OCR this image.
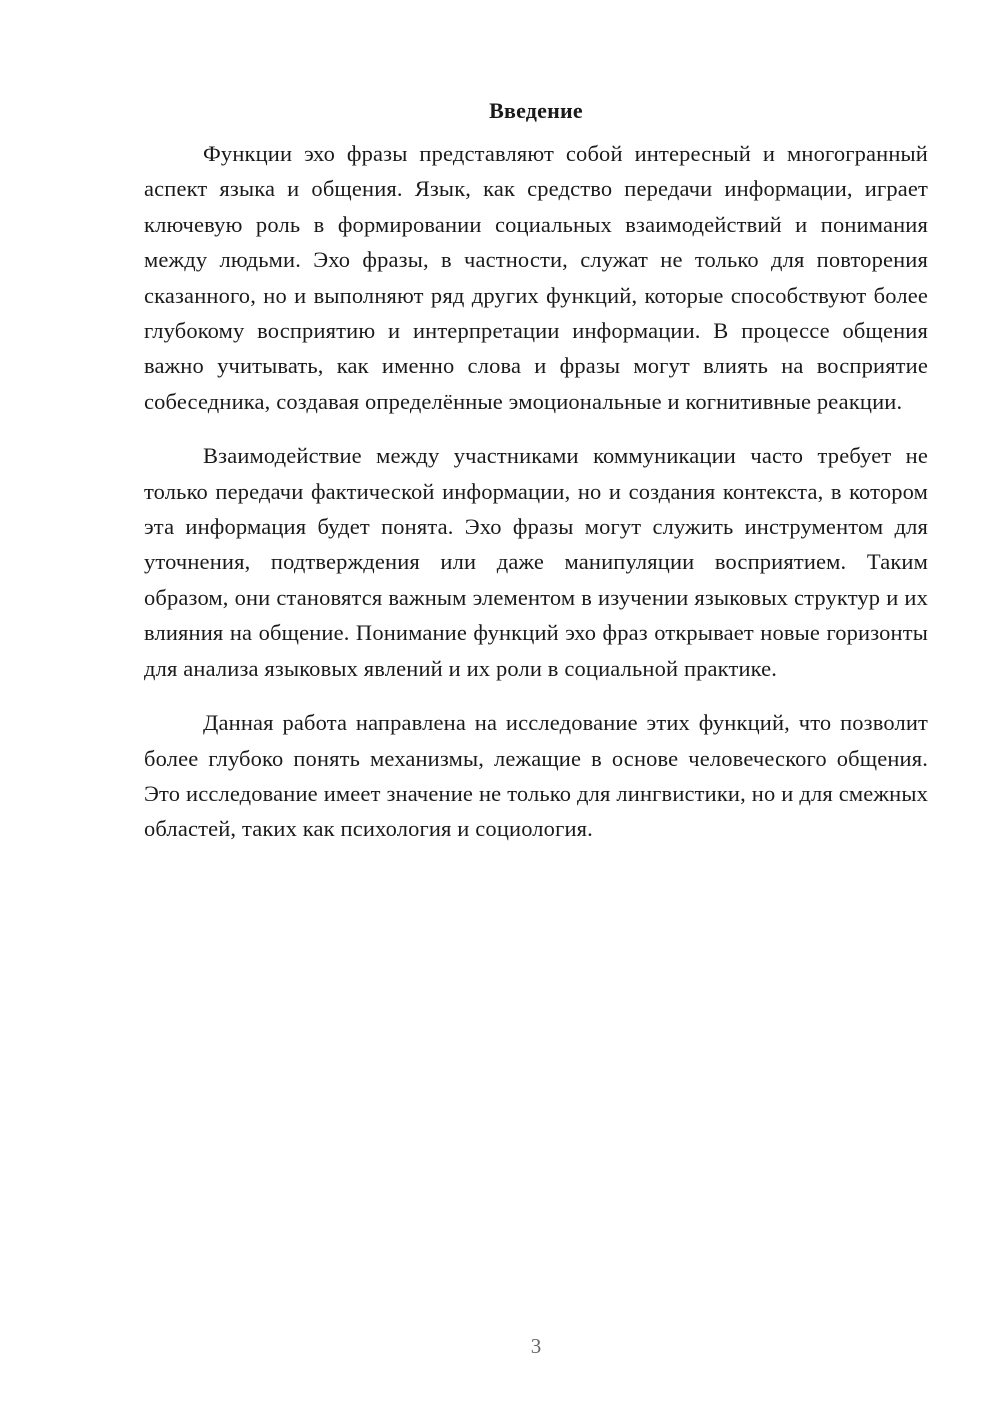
Введение

Функции эхо фразы представляют собой интересный и многогранный аспект языка и общения. Язык, как средство передачи информации, играет ключевую роль в формировании социальных взаимодействий и понимания между людьми. Эхо фразы, в частности, служат не только для повторения сказанного, но и выполняют ряд других функций, которые способствуют более глубокому восприятию и интерпретации информации. В процессе общения важно учитывать, как именно слова и фразы могут влиять на восприятие собеседника, создавая определённые эмоциональные и когнитивные реакции.

Взаимодействие между участниками коммуникации часто требует не только передачи фактической информации, но и создания контекста, в котором эта информация будет понята. Эхо фразы могут служить инструментом для уточнения, подтверждения или даже манипуляции восприятием. Таким образом, они становятся важным элементом в изучении языковых структур и их влияния на общение. Понимание функций эхо фраз открывает новые горизонты для анализа языковых явлений и их роли в социальной практике.

Данная работа направлена на исследование этих функций, что позволит более глубоко понять механизмы, лежащие в основе человеческого общения. Это исследование имеет значение не только для лингвистики, но и для смежных областей, таких как психология и социология.

3
